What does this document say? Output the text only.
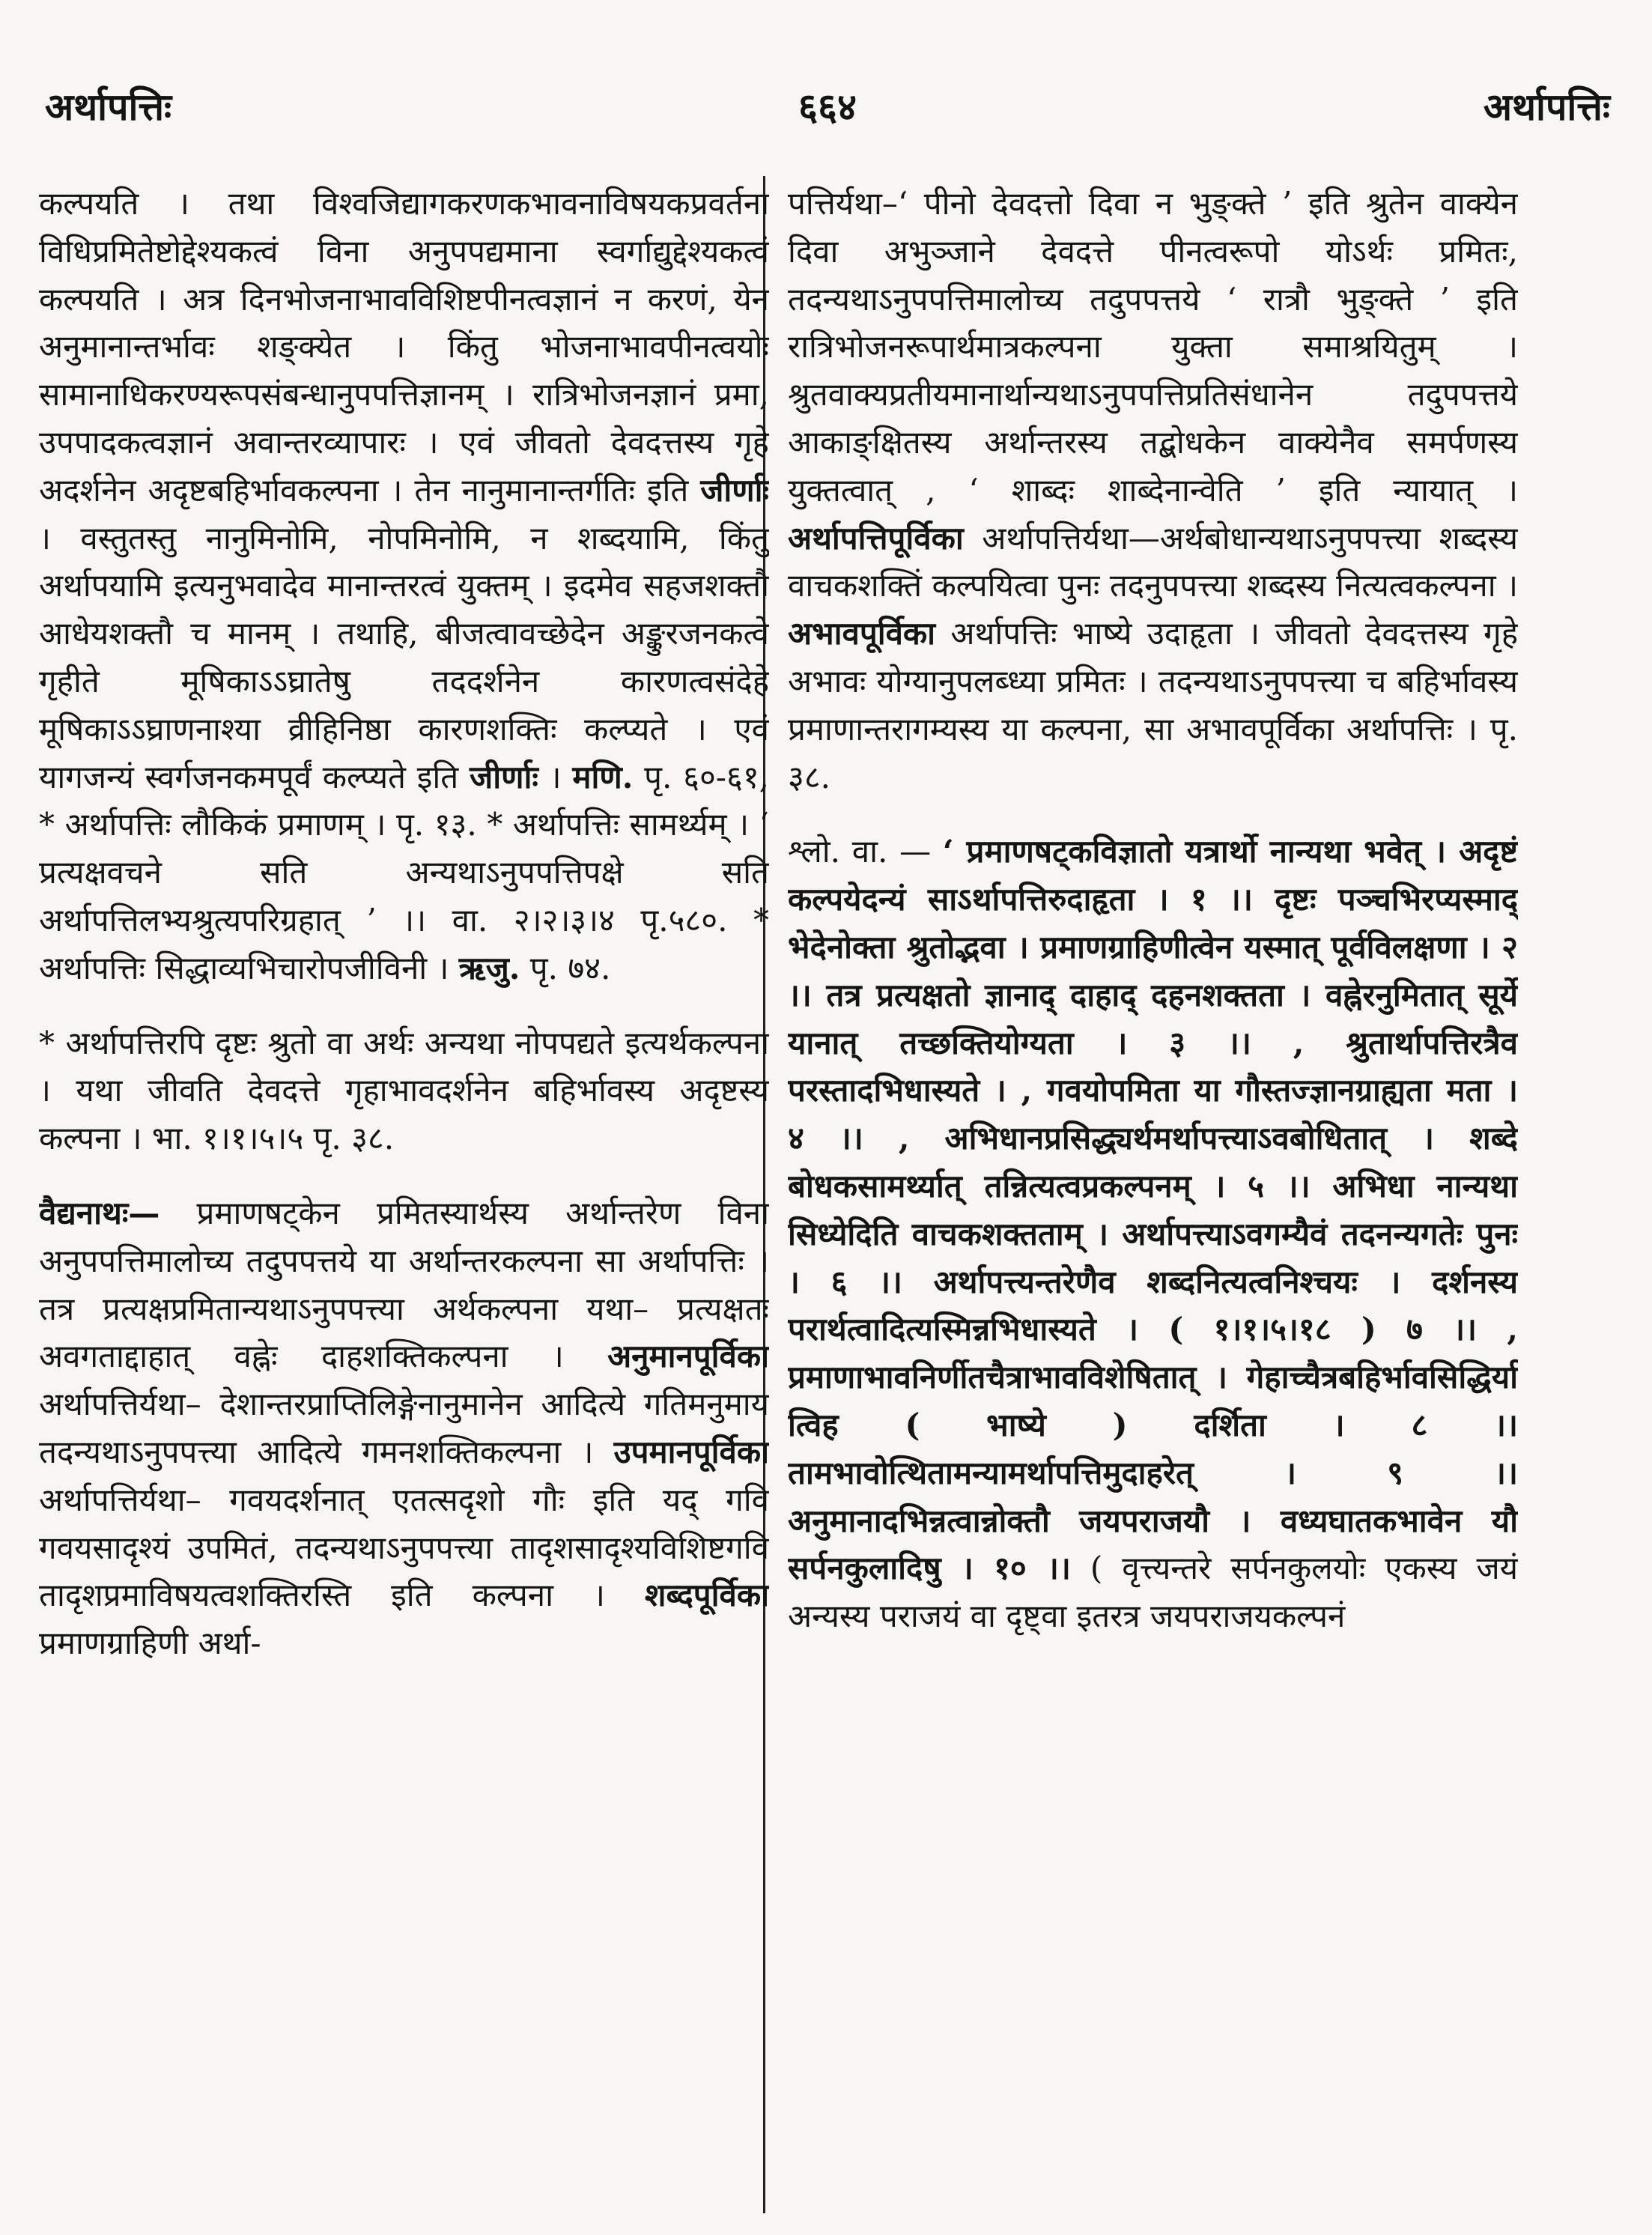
अर्थापत्तिः	६६४	अर्थापत्तिः

कल्पयति । तथा विश्वजिद्यागकरणकभावनाविषयकप्रवर्तना विधिप्रमितेष्टोद्देश्यकत्वं विना अनुपपद्यमाना स्वर्गाद्युद्देश्यकत्वं कल्पयति । अत्र दिनभोजनाभावविशिष्टपीनत्वज्ञानं न करणं, येन अनुमानान्तर्भावः शङ्क्येत । किंतु भोजनाभावपीनत्वयोः सामानाधिकरण्यरूपसंबन्धानुपपत्तिज्ञानम् । रात्रिभोजनज्ञानं प्रमा, उपपादकत्वज्ञानं अवान्तरव्यापारः । एवं जीवतो देवदत्तस्य गृहे अदर्शनेन अदृष्टबहिर्भावकल्पना । तेन नानुमानान्तर्गतिः इति जीर्णाः । वस्तुतस्तु नानुमिनोमि, नोपमिनोमि, न शब्दयामि, किंतु अर्थापयामि इत्यनुभवादेव मानान्तरत्वं युक्तम् । इदमेव सहजशक्तौ आधेयशक्तौ च मानम् । तथाहि, बीजत्वावच्छेदेन अङ्कुरजनकत्वे गृहीते मूषिकाऽऽघ्रातेषु तददर्शनेन कारणत्वसंदेहे मूषिकाऽऽघ्राणनाश्या व्रीहिनिष्ठा कारणशक्तिः कल्प्यते । एवं यागजन्यं स्वर्गजनकमपूर्वं कल्प्यते इति जीर्णाः । मणि. पृ. ६०-६१, * अर्थापत्तिः लौकिकं प्रमाणम् । पृ. १३. * अर्थापत्तिः सामर्थ्यम् । ‘ प्रत्यक्षवचने सति अन्यथाऽनुपपत्तिपक्षे सति अर्थापत्तिलभ्यश्रुत्यपरिग्रहात् ’ ।। वा. २।२।३।४ पृ.५८०. * अर्थापत्तिः सिद्धाव्यभिचारोपजीविनी । ऋजु. पृ. ७४.

* अर्थापत्तिरपि दृष्टः श्रुतो वा अर्थः अन्यथा नोपपद्यते इत्यर्थकल्पना । यथा जीवति देवदत्ते गृहाभावदर्शनेन बहिर्भावस्य अदृष्टस्य कल्पना । भा. १।१।५।५ पृ. ३८.

वैद्यनाथः— प्रमाणषट्केन प्रमितस्यार्थस्य अर्थान्तरेण विना अनुपपत्तिमालोच्य तदुपपत्तये या अर्थान्तरकल्पना सा अर्थापत्तिः । तत्र प्रत्यक्षप्रमितान्यथाऽनुपपत्त्या अर्थकल्पना यथा– प्रत्यक्षतः अवगताद्दाहात् वह्नेः दाहशक्तिकल्पना । अनुमानपूर्विका अर्थापत्तिर्यथा– देशान्तरप्राप्तिलिङ्गेनानुमानेन आदित्ये गतिमनुमाय तदन्यथाऽनुपपत्त्या आदित्ये गमनशक्तिकल्पना । उपमानपूर्विका अर्थापत्तिर्यथा– गवयदर्शनात् एतत्सदृशो गौः इति यद् गवि गवयसादृश्यं उपमितं, तदन्यथाऽनुपपत्त्या तादृशसादृश्यविशिष्टगवि तादृशप्रमाविषयत्वशक्तिरस्ति इति कल्पना । शब्दपूर्विका प्रमाणग्राहिणी अर्था-

पत्तिर्यथा–‘ पीनो देवदत्तो दिवा न भुङ्क्ते ’ इति श्रुतेन वाक्येन दिवा अभुञ्जाने देवदत्ते पीनत्वरूपो योऽर्थः प्रमितः, तदन्यथाऽनुपपत्तिमालोच्य तदुपपत्तये ‘ रात्रौ भुङ्क्ते ’ इति रात्रिभोजनरूपार्थमात्रकल्पना युक्ता समाश्रयितुम् । श्रुतवाक्यप्रतीयमानार्थान्यथाऽनुपपत्तिप्रतिसंधानेन तदुपपत्तये आकाङ्क्षितस्य अर्थान्तरस्य तद्बोधकेन वाक्येनैव समर्पणस्य युक्तत्वात् , ‘ शाब्दः शाब्देनान्वेति ’ इति न्यायात् । अर्थापत्तिपूर्विका अर्थापत्तिर्यथा—अर्थबोधान्यथाऽनुपपत्त्या शब्दस्य वाचकशक्तिं कल्पयित्वा पुनः तदनुपपत्त्या शब्दस्य नित्यत्वकल्पना । अभावपूर्विका अर्थापत्तिः भाष्ये उदाहृता । जीवतो देवदत्तस्य गृहे अभावः योग्यानुपलब्ध्या प्रमितः । तदन्यथाऽनुपपत्त्या च बहिर्भावस्य प्रमाणान्तरागम्यस्य या कल्पना, सा अभावपूर्विका अर्थापत्तिः । पृ. ३८.

श्लो. वा. — ‘ प्रमाणषट्कविज्ञातो यत्रार्थो नान्यथा भवेत् । अदृष्टं कल्पयेदन्यं साऽर्थापत्तिरुदाहृता । १ ।। दृष्टः पञ्चभिरप्यस्माद् भेदेनोक्ता श्रुतोद्भवा । प्रमाणग्राहिणीत्वेन यस्मात् पूर्वविलक्षणा । २ ।। तत्र प्रत्यक्षतो ज्ञानाद् दाहाद् दहनशक्तता । वह्नेरनुमितात् सूर्ये यानात् तच्छक्तियोग्यता । ३ ।। , श्रुतार्थापत्तिरत्रैव परस्तादभिधास्यते । , गवयोपमिता या गौस्तज्ज्ञानग्राह्यता मता । ४ ।। , अभिधानप्रसिद्ध्यर्थमर्थापत्त्याऽवबोधितात् । शब्दे बोधकसामर्थ्यात् तन्नित्यत्वप्रकल्पनम् । ५ ।। अभिधा नान्यथा सिध्येदिति वाचकशक्तताम् । अर्थापत्त्याऽवगम्यैवं तदनन्यगतेः पुनः । ६ ।। अर्थापत्त्यन्तरेणैव शब्दनित्यत्वनिश्चयः । दर्शनस्य परार्थत्वादित्यस्मिन्नभिधास्यते । ( १।१।५।१८ ) ७ ।। , प्रमाणाभावनिर्णीतचैत्राभावविशेषितात् । गेहाच्चैत्रबहिर्भावसिद्धिर्या त्विह ( भाष्ये ) दर्शिता । ८ ।। तामभावोत्थितामन्यामर्थापत्तिमुदाहरेत् । ९ ।। अनुमानादभिन्नत्वान्नोक्तौ जयपराजयौ । वध्यघातकभावेन यौ सर्पनकुलादिषु । १० ।। ( वृत्त्यन्तरे सर्पनकुलयोः एकस्य जयं अन्यस्य पराजयं वा दृष्ट्वा इतरत्र जयपराजयकल्पनं
